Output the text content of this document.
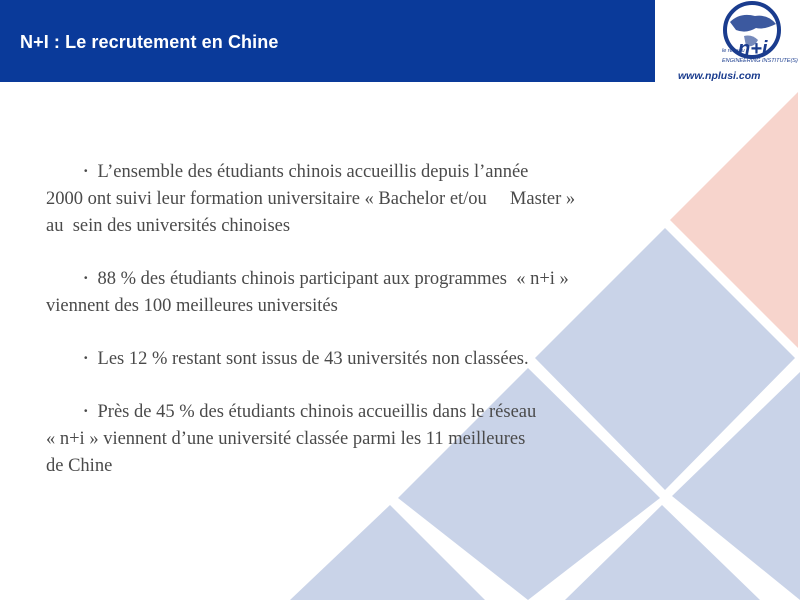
N+I : Le recrutement en Chine	le réseau
ENGINEERING INSTITUTE(S)
n+i
www.nplusi.com
• L’ensemble des étudiants chinois accueillis depuis l’année
2000 ont suivi leur formation universitaire « Bachelor et/ou     Master »
au  sein des universités chinoises
• 88 % des étudiants chinois participant aux programmes  « n+i »
viennent des 100 meilleures universités
• Les 12 % restant sont issus de 43 universités non classées.
• Près de 45 % des étudiants chinois accueillis dans le réseau
« n+i » viennent d’une université classée parmi les 11 meilleures
de Chine
